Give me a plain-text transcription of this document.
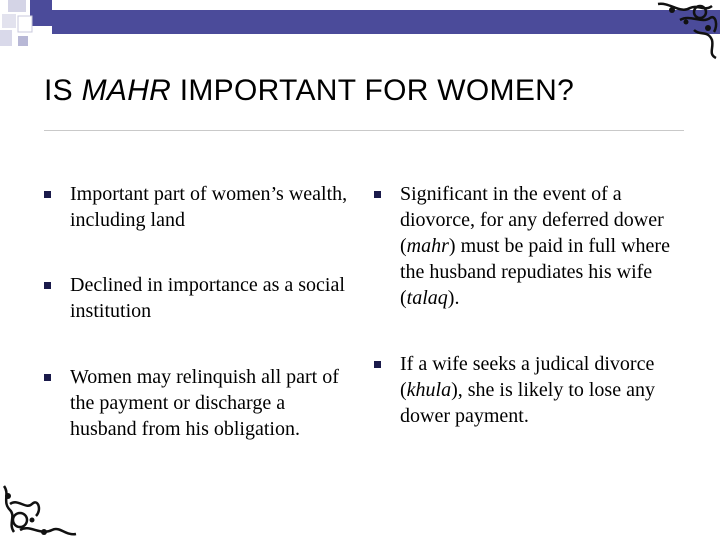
IS MAHR IMPORTANT FOR WOMEN?
Important part of women’s wealth, including land
Declined in importance as a social institution
Women may relinquish all part of the payment or discharge a husband from his obligation.
Significant in the event of a diovorce, for any deferred dower (mahr) must be paid in full where the husband repudiates his wife (talaq).
If a wife seeks a judical divorce (khula), she is likely to lose any dower payment.
